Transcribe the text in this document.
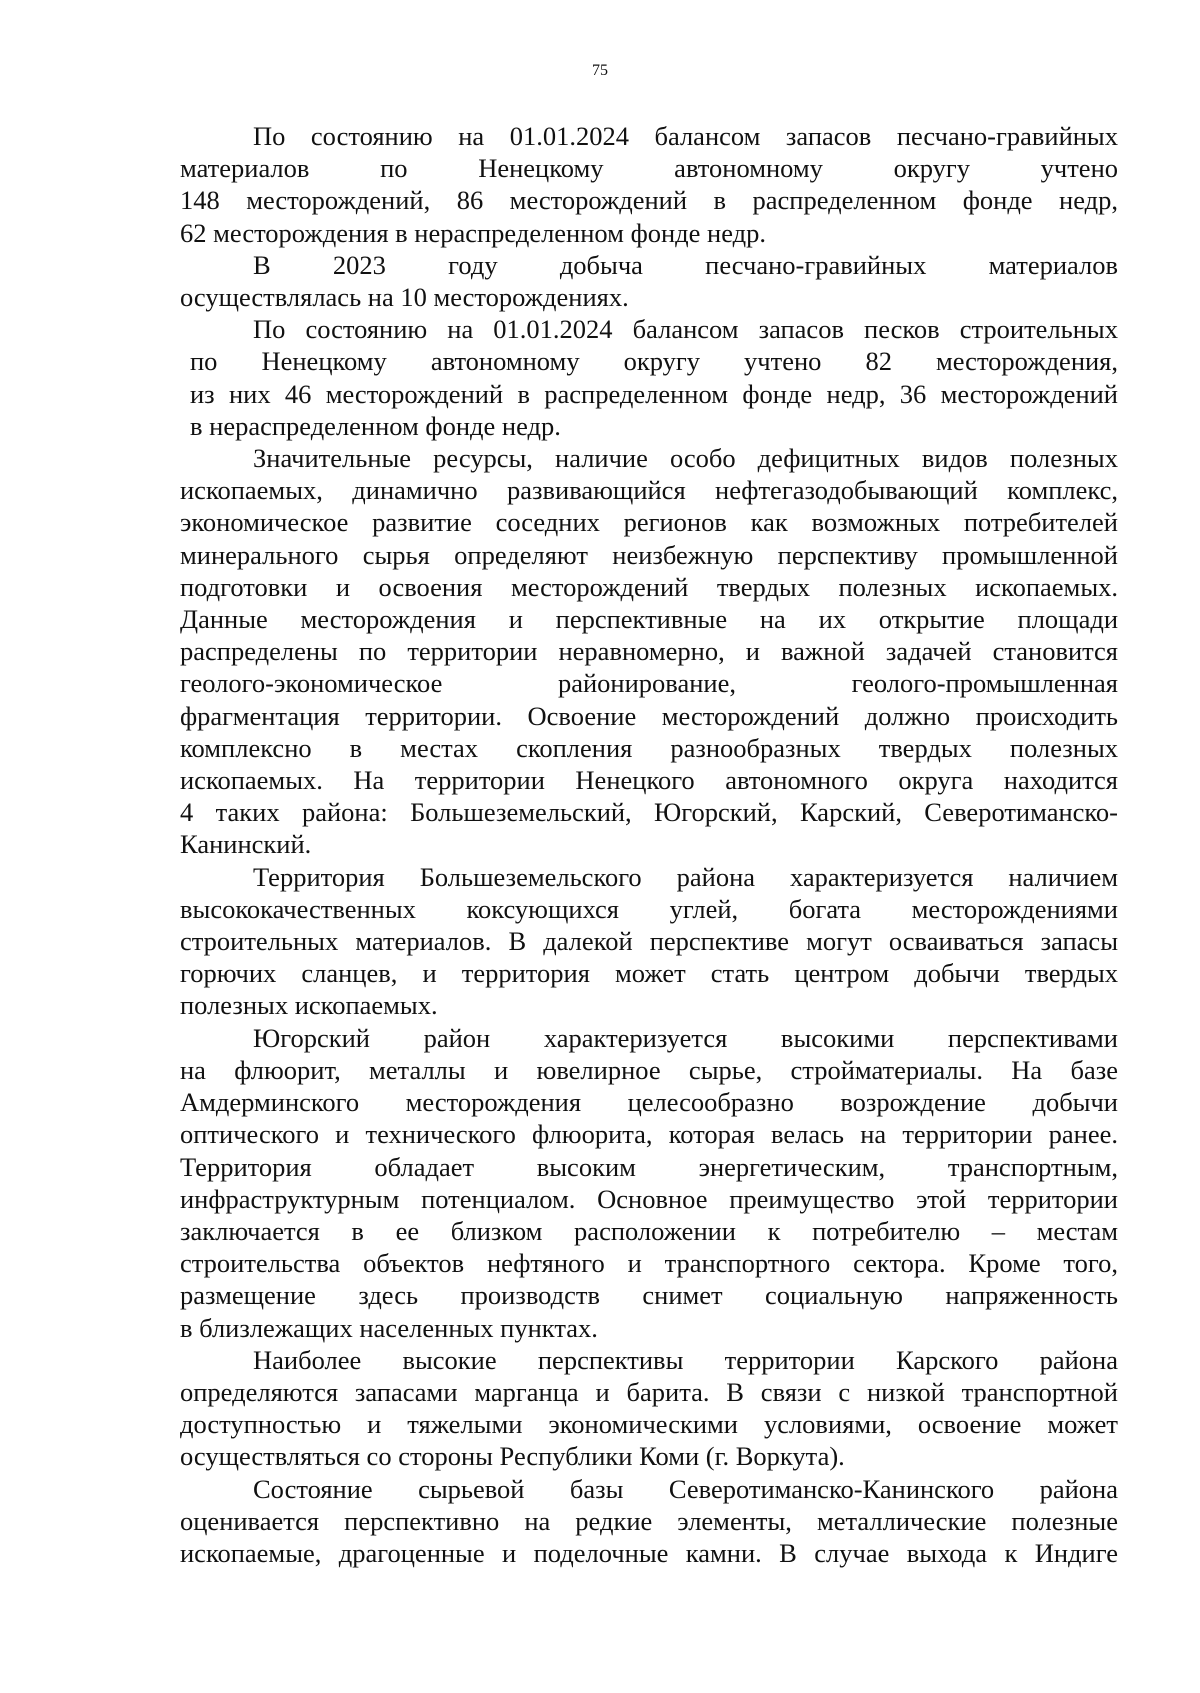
75
По состоянию на 01.01.2024 балансом запасов песчано-гравийных
материалов по Ненецкому автономному округу учтено
148 месторождений, 86 месторождений в распределенном фонде недр,
62 месторождения в нераспределенном фонде недр.
В 2023 году добыча песчано-гравийных материалов
осуществлялась на 10 месторождениях.
По состоянию на 01.01.2024 балансом запасов песков строительных
по Ненецкому автономному округу учтено 82 месторождения,
из них 46 месторождений в распределенном фонде недр, 36 месторождений
в нераспределенном фонде недр.
Значительные ресурсы, наличие особо дефицитных видов полезных
ископаемых, динамично развивающийся нефтегазодобывающий комплекс,
экономическое развитие соседних регионов как возможных потребителей
минерального сырья определяют неизбежную перспективу промышленной
подготовки и освоения месторождений твердых полезных ископаемых.
Данные месторождения и перспективные на их открытие площади
распределены по территории неравномерно, и важной задачей становится
геолого-экономическое районирование, геолого-промышленная
фрагментация территории. Освоение месторождений должно происходить
комплексно в местах скопления разнообразных твердых полезных
ископаемых. На территории Ненецкого автономного округа находится
4 таких района: Большеземельский, Югорский, Карский, Северотиманско-
Канинский.
Территория Большеземельского района характеризуется наличием
высококачественных коксующихся углей, богата месторождениями
строительных материалов. В далекой перспективе могут осваиваться запасы
горючих сланцев, и территория может стать центром добычи твердых
полезных ископаемых.
Югорский район характеризуется высокими перспективами
на флюорит, металлы и ювелирное сырье, стройматериалы. На базе
Амдерминского месторождения целесообразно возрождение добычи
оптического и технического флюорита, которая велась на территории ранее.
Территория обладает высоким энергетическим, транспортным,
инфраструктурным потенциалом. Основное преимущество этой территории
заключается в ее близком расположении к потребителю – местам
строительства объектов нефтяного и транспортного сектора. Кроме того,
размещение здесь производств снимет социальную напряженность
в близлежащих населенных пунктах.
Наиболее высокие перспективы территории Карского района
определяются запасами марганца и барита. В связи с низкой транспортной
доступностью и тяжелыми экономическими условиями, освоение может
осуществляться со стороны Республики Коми (г. Воркута).
Состояние сырьевой базы Северотиманско-Канинского района
оценивается перспективно на редкие элементы, металлические полезные
ископаемые, драгоценные и поделочные камни. В случае выхода к Индиге
